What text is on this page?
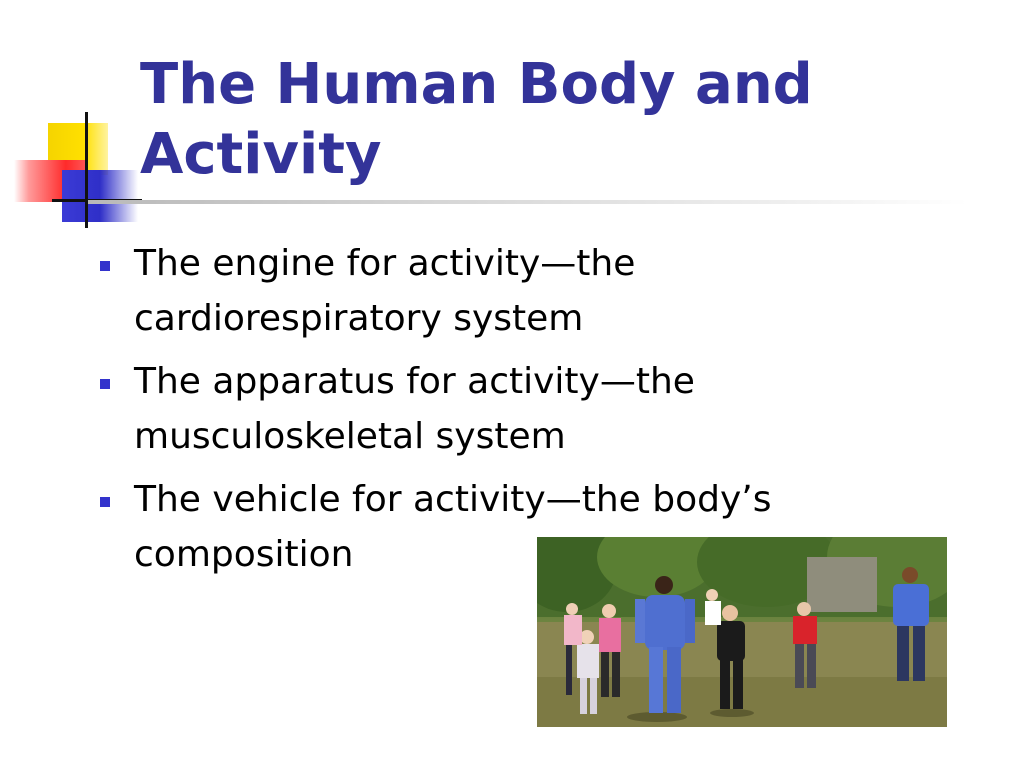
The Human Body and
Activity
The engine for activity—the
cardiorespiratory system
The apparatus for activity—the
musculoskeletal system
The vehicle for activity—the body’s
composition
